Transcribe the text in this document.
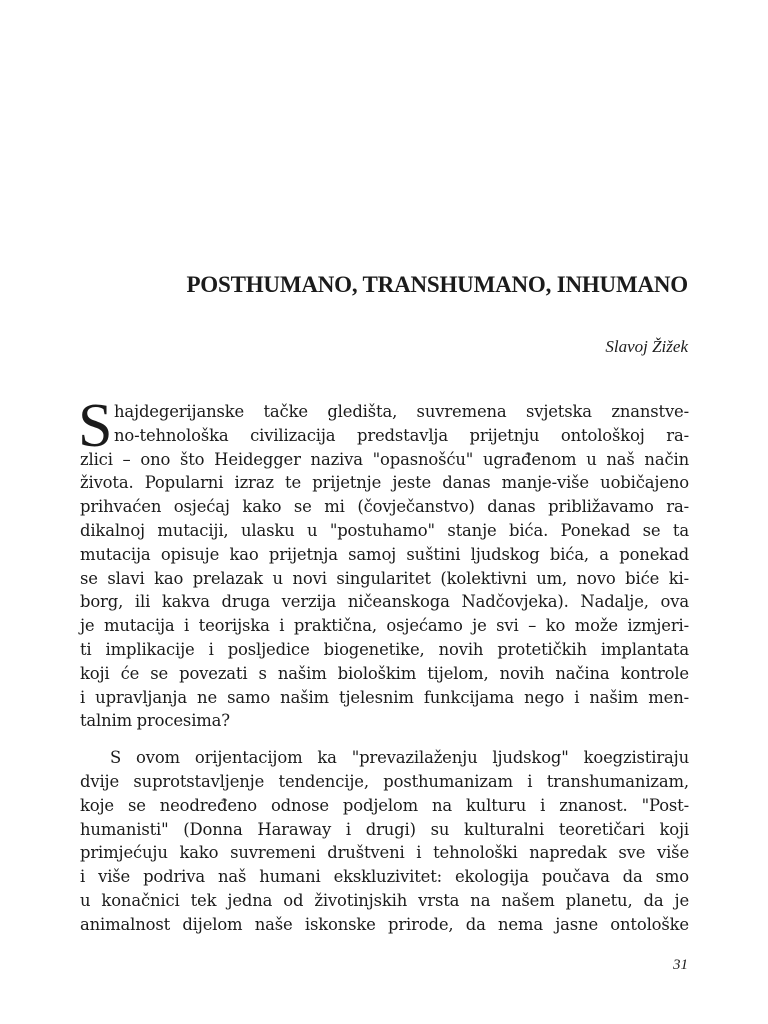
POSTHUMANO, TRANSHUMANO, INHUMANO
Slavoj Žižek
S hajdegerijanske tačke gledišta, suvremena svjetska znanstve-
no-tehnološka civilizacija predstavlja prijetnju ontološkoj ra-
zlici – ono što Heidegger naziva "opasnošću" ugrađenom u naš način
života. Popularni izraz te prijetnje jeste danas manje-više uobičajeno
prihvaćen osjećaj kako se mi (čovječanstvo) danas približavamo ra-
dikalnoj mutaciji, ulasku u "postuhamo" stanje bića. Ponekad se ta
mutacija opisuje kao prijetnja samoj suštini ljudskog bića, a ponekad
se slavi kao prelazak u novi singularitet (kolektivni um, novo biće ki-
borg, ili kakva druga verzija ničeanskoga Nadčovjeka). Nadalje, ova
je mutacija i teorijska i praktična, osjećamo je svi – ko može izmjeri-
ti implikacije i posljedice biogenetike, novih protetičkih implantata
koji će se povezati s našim biološkim tijelom, novih načina kontrole
i upravljanja ne samo našim tjelesnim funkcijama nego i našim men-
talnim procesima?
S ovom orijentacijom ka "prevazilaženju ljudskog" koegzistiraju
dvije suprotstavljenje tendencije, posthumanizam i transhumanizam,
koje se neodređeno odnose podjelom na kulturu i znanost. "Post-
humanisti" (Donna Haraway i drugi) su kulturalni teoretičari koji
primjećuju kako suvremeni društveni i tehnološki napredak sve više
i više podriva naš humani ekskluzivitet: ekologija poučava da smo
u konačnici tek jedna od životinjskih vrsta na našem planetu, da je
animalnost dijelom naše iskonske prirode, da nema jasne ontološke
31
